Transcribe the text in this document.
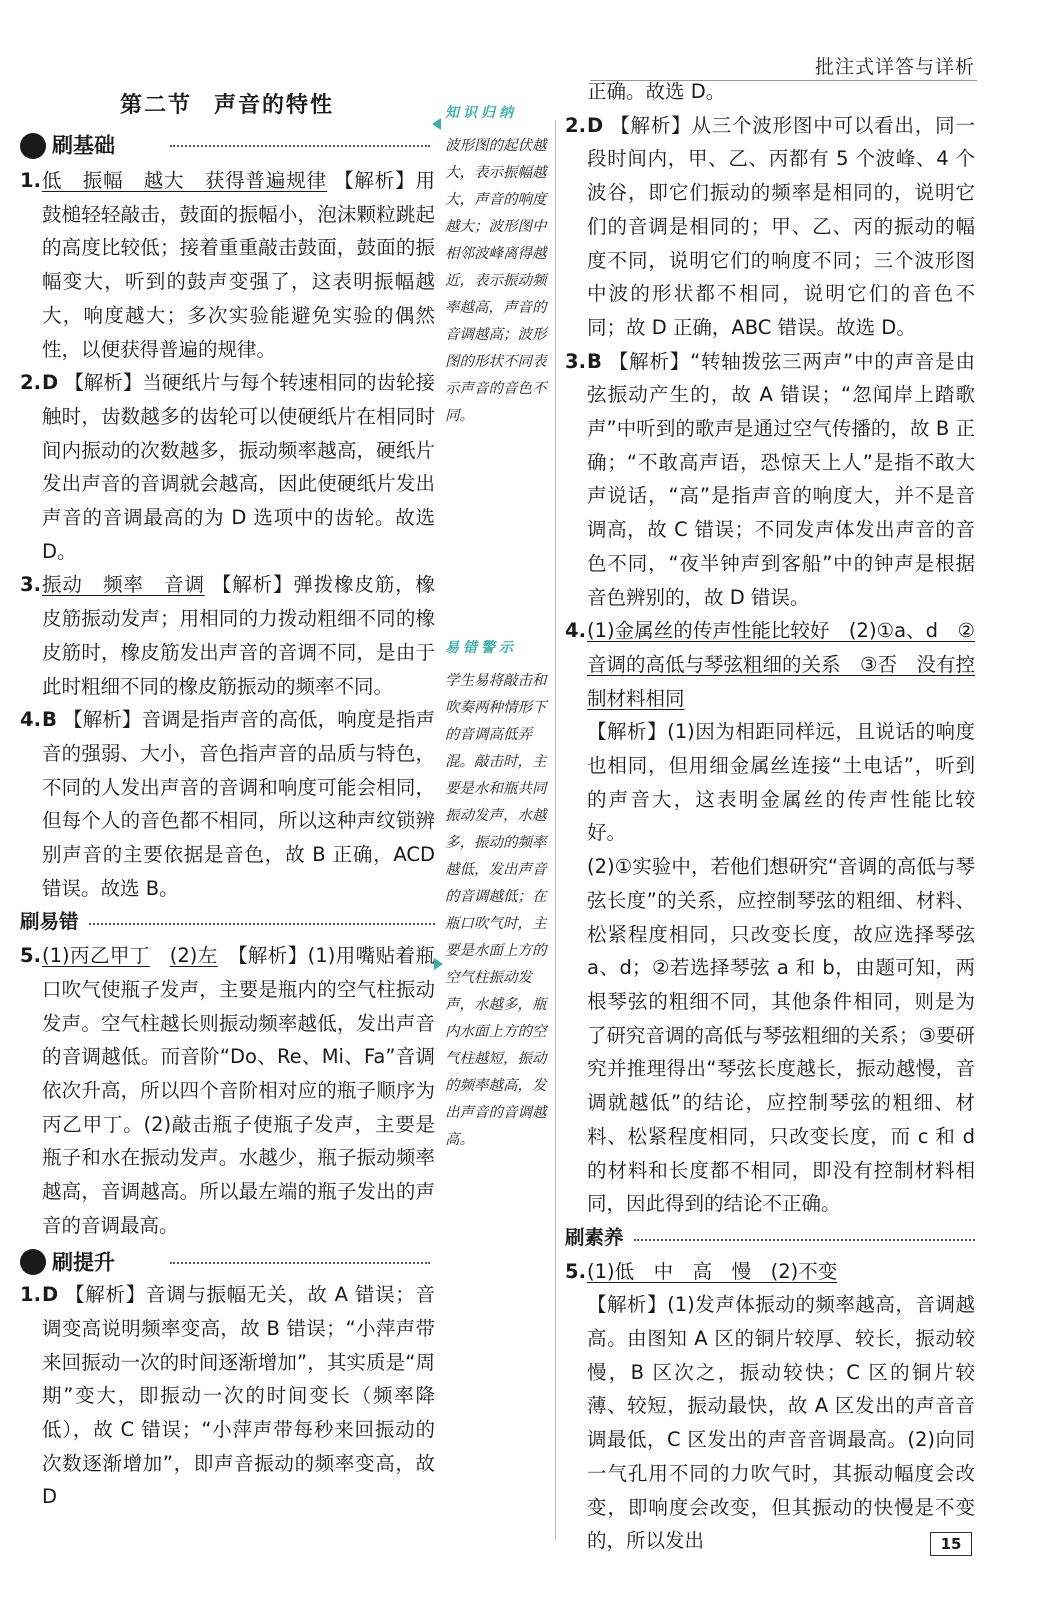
批注式详答与详析
第二节 声音的特性
刷基础
1. 低　振幅　越大　获得普遍规律 【解析】用鼓槌轻轻敲击，鼓面的振幅小，泡沫颗粒跳起的高度比较低；接着重重敲击鼓面，鼓面的振幅变大，听到的鼓声变强了，这表明振幅越大，响度越大；多次实验能避免实验的偶然性，以便获得普遍的规律。
2. D 【解析】当硬纸片与每个转速相同的齿轮接触时，齿数越多的齿轮可以使硬纸片在相同时间内振动的次数越多，振动频率越高，硬纸片发出声音的音调就会越高，因此使硬纸片发出声音的音调最高的为 D 选项中的齿轮。故选 D。
3. 振动　频率　音调 【解析】弹拨橡皮筋，橡皮筋振动发声；用相同的力拨动粗细不同的橡皮筋时，橡皮筋发出声音的音调不同，是由于此时粗细不同的橡皮筋振动的频率不同。
4. B 【解析】音调是指声音的高低，响度是指声音的强弱、大小，音色指声音的品质与特色，不同的人发出声音的音调和响度可能会相同，但每个人的音色都不相同，所以这种声纹锁辨别声音的主要依据是音色，故 B 正确，ACD 错误。故选 B。
刷易错
5. (1)丙乙甲丁　 (2)左　 【解析】(1)用嘴贴着瓶口吹气使瓶子发声，主要是瓶内的空气柱振动发声。空气柱越长则振动频率越低，发出声音的音调越低。而音阶“Do、Re、Mi、Fa”音调依次升高，所以四个音阶相对应的瓶子顺序为丙乙甲丁。(2)敲击瓶子使瓶子发声，主要是瓶子和水在振动发声。水越少，瓶子振动频率越高，音调越高。所以最左端的瓶子发出的声音的音调最高。
刷提升
1. D 【解析】音调与振幅无关，故 A 错误；音调变高说明频率变高，故 B 错误；“小萍声带来回振动一次的时间逐渐增加”，其实质是“周期”变大，即振动一次的时间变长（频率降低），故 C 错误；“小萍声带每秒来回振动的次数逐渐增加”，即声音振动的频率变高，故 D
知识归纳
波形图的起伏越大，表示振幅越大，声音的响度越大；波形图中相邻波峰离得越近，表示振动频率越高，声音的音调越高；波形图的形状不同表示声音的音色不同。
易错警示
学生易将敲击和吹奏两种情形下的音调高低弄混。敲击时，主要是水和瓶共同振动发声，水越多，振动的频率越低，发出声音的音调越低；在瓶口吹气时，主要是水面上方的空气柱振动发声，水越多，瓶内水面上方的空气柱越短，振动的频率越高，发出声音的音调越高。
正确。故选 D。
2. D 【解析】从三个波形图中可以看出，同一段时间内，甲、乙、丙都有 5 个波峰、4 个波谷，即它们振动的频率是相同的，说明它们的音调是相同的；甲、乙、丙的振动的幅度不同，说明它们的响度不同；三个波形图中波的形状都不相同，说明它们的音色不同；故 D 正确，ABC 错误。故选 D。
3. B 【解析】“转轴拨弦三两声”中的声音是由弦振动产生的，故 A 错误；“忽闻岸上踏歌声”中听到的歌声是通过空气传播的，故 B 正确；“不敢高声语，恐惊天上人”是指不敢大声说话，“高”是指声音的响度大，并不是音调高，故 C 错误；不同发声体发出声音的音色不同，“夜半钟声到客船”中的钟声是根据音色辨别的，故 D 错误。
4. (1)金属丝的传声性能比较好　(2)①a、d　②音调的高低与琴弦粗细的关系　③否　没有控制材料相同
【解析】(1)因为相距同样远，且说话的响度也相同，但用细金属丝连接“土电话”，听到的声音大，这表明金属丝的传声性能比较好。
(2)①实验中，若他们想研究“音调的高低与琴弦长度”的关系，应控制琴弦的粗细、材料、松紧程度相同，只改变长度，故应选择琴弦 a、d；②若选择琴弦 a 和 b，由题可知，两根琴弦的粗细不同，其他条件相同，则是为了研究音调的高低与琴弦粗细的关系；③要研究并推理得出“琴弦长度越长，振动越慢，音调就越低”的结论，应控制琴弦的粗细、材料、松紧程度相同，只改变长度，而 c 和 d 的材料和长度都不相同，即没有控制材料相同，因此得到的结论不正确。
刷素养
5. (1)低　中　高　慢　(2)不变
【解析】(1)发声体振动的频率越高，音调越高。由图知 A 区的铜片较厚、较长，振动较慢，B 区次之，振动较快；C 区的铜片较薄、较短，振动最快，故 A 区发出的声音音调最低，C 区发出的声音音调最高。(2)向同一气孔用不同的力吹气时，其振动幅度会改变，即响度会改变，但其振动的快慢是不变的，所以发出	15
